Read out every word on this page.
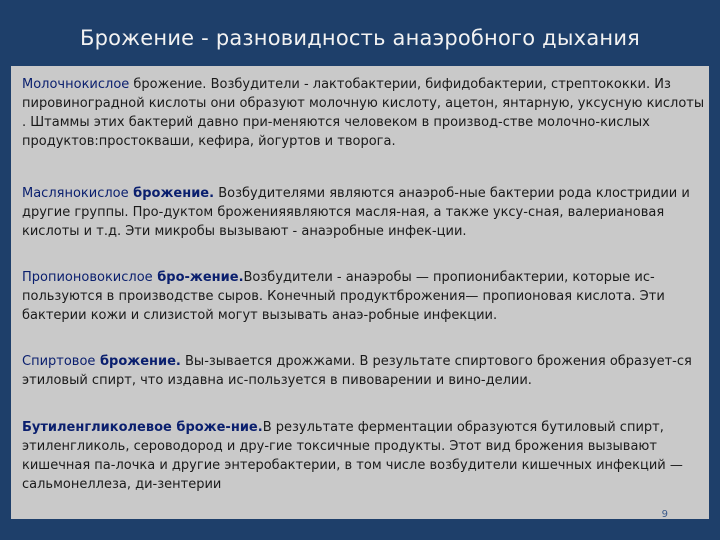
Брожение - разновидность анаэробного дыхания
Молочнокислое брожение. Возбудители - лактобактерии, бифидобактерии, стрептококки. Из пировиноградной кислоты они образуют молочную кислоту, ацетон, янтарную, уксусную кислоты . Штаммы этих бактерий давно при-меняются человеком в производ-стве молочно-кислых продуктов:простокваши, кефира, йогуртов и творога.
Маслянокислое брожение. Возбудителями являются анаэроб-ные бактерии рода клостридии и другие группы. Про-дуктом броженияявляются масля-ная, а также уксу-сная, валериановая кислоты и т.д. Эти микробы вызывают - анаэробные инфек-ции.
Пропионовокислое бро-жение.Возбудители - анаэробы — пропионибактерии, которые ис-пользуются в производстве сыров. Конечный продуктброжения— пропионовая кислота. Эти бактерии кожи и слизистой могут вызывать анаэ-робные инфекции.
Спиртовое брожение. Вы-зывается дрожжами. В результате спиртового брожения образует-ся этиловый спирт, что издавна ис-пользуется в пивоварении и вино-делии.
Бутиленгликолевое броже-ние.В результате ферментации образуются бутиловый спирт, этиленгликоль, сероводород и дру-гие токсичные продукты. Этот вид брожения вызывают кишечная па-лочка и другие энтеробактерии, в том числе возбудители кишечных инфекций — сальмонеллеза, ди-зентерии
9
